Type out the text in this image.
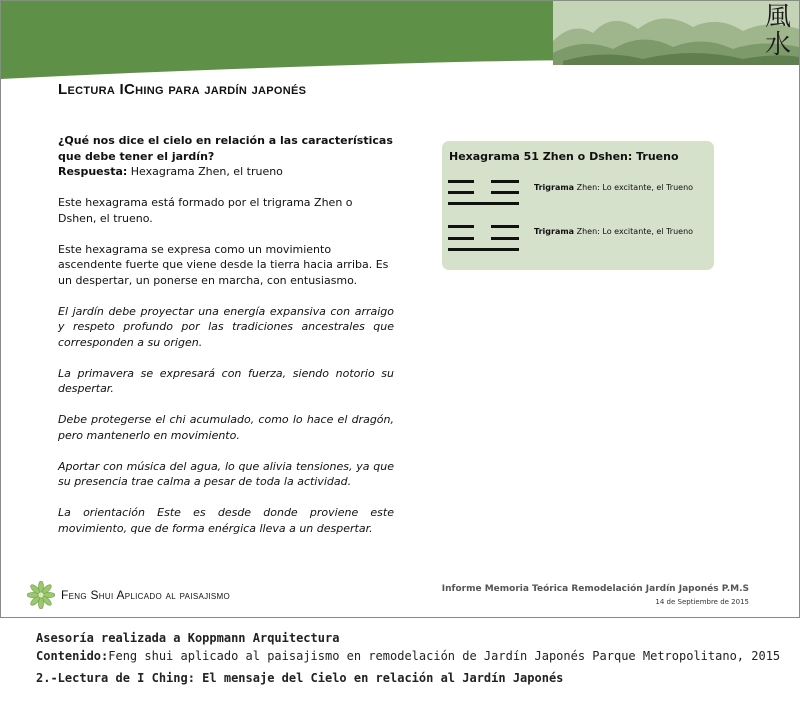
風水
Lectura IChing para jardín japonés

¿Qué nos dice el cielo en relación a las características que debe tener el jardín?

Respuesta: Hexagrama Zhen, el trueno

Este hexagrama está formado por el trigrama Zhen o Dshen, el trueno.

Este hexagrama se expresa como un movimiento ascendente fuerte que viene desde la tierra hacia arriba. Es un despertar, un ponerse en marcha, con entusiasmo.

El jardín debe proyectar una energía expansiva con arraigo y respeto profundo por las tradiciones ancestrales que corresponden a su origen.

La primavera se expresará con fuerza, siendo notorio su despertar.

Debe protegerse el chi acumulado, como lo hace el dragón, pero mantenerlo en movimiento.

Aportar con música del agua, lo que alivia tensiones, ya que su presencia trae calma a pesar de toda la actividad.

La orientación Este es desde donde proviene este movimiento, que de forma enérgica lleva a un despertar.

Hexagrama 51 Zhen o Dshen: Trueno
Trigrama Zhen: Lo excitante, el Trueno
Trigrama Zhen: Lo excitante, el Trueno
Feng Shui Aplicado al paisajismo	Informe Memoria Teórica Remodelación Jardín Japonés P.M.S
14 de Septiembre de 2015
Asesoría realizada a Koppmann Arquitectura
Contenido:Feng shui aplicado al paisajismo en remodelación de Jardín Japonés Parque Metropolitano, 2015
2.-Lectura de I Ching: El mensaje del Cielo en relación al Jardín Japonés
